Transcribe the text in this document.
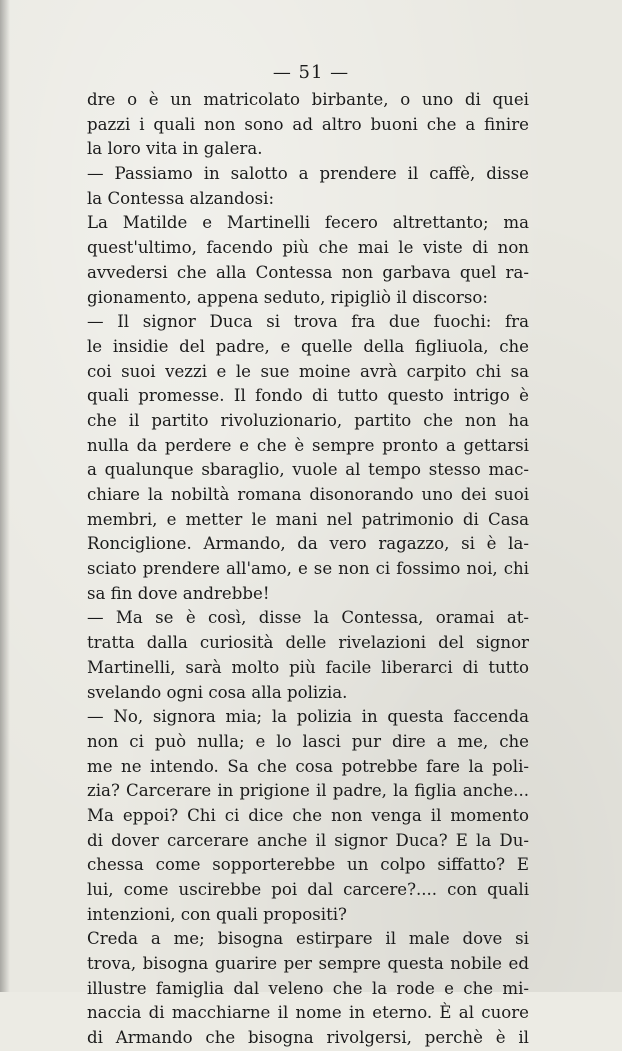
— 51 —
dre o è un matricolato birbante, o uno di quei
pazzi i quali non sono ad altro buoni che a finire
la loro vita in galera.
— Passiamo in salotto a prendere il caffè, disse
la Contessa alzandosi:
La Matilde e Martinelli fecero altrettanto; ma
quest'ultimo, facendo più che mai le viste di non
avvedersi che alla Contessa non garbava quel ra-
gionamento, appena seduto, ripigliò il discorso:
— Il signor Duca si trova fra due fuochi: fra
le insidie del padre, e quelle della figliuola, che
coi suoi vezzi e le sue moine avrà carpito chi sa
quali promesse. Il fondo di tutto questo intrigo è
che il partito rivoluzionario, partito che non ha
nulla da perdere e che è sempre pronto a gettarsi
a qualunque sbaraglio, vuole al tempo stesso mac-
chiare la nobiltà romana disonorando uno dei suoi
membri, e metter le mani nel patrimonio di Casa
Ronciglione. Armando, da vero ragazzo, si è la-
sciato prendere all'amo, e se non ci fossimo noi, chi
sa fin dove andrebbe!
— Ma se è così, disse la Contessa, oramai at-
tratta dalla curiosità delle rivelazioni del signor
Martinelli, sarà molto più facile liberarci di tutto
svelando ogni cosa alla polizia.
— No, signora mia; la polizia in questa faccenda
non ci può nulla; e lo lasci pur dire a me, che
me ne intendo. Sa che cosa potrebbe fare la poli-
zia? Carcerare in prigione il padre, la figlia anche...
Ma eppoi? Chi ci dice che non venga il momento
di dover carcerare anche il signor Duca? E la Du-
chessa come sopporterebbe un colpo siffatto? E
lui, come uscirebbe poi dal carcere?.... con quali
intenzioni, con quali propositi?
Creda a me; bisogna estirpare il male dove si
trova, bisogna guarire per sempre questa nobile ed
illustre famiglia dal veleno che la rode e che mi-
naccia di macchiarne il nome in eterno. È al cuore
di Armando che bisogna rivolgersi, perchè è il
